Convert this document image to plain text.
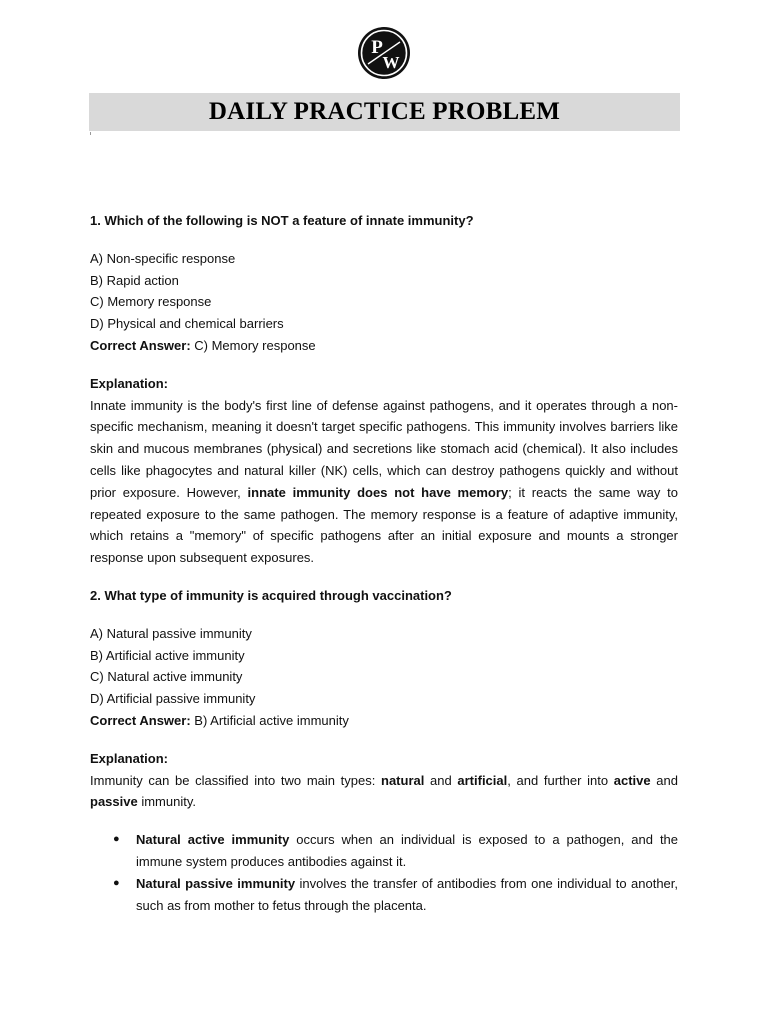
P
W
DAILY PRACTICE PROBLEM

1. Which of the following is NOT a feature of innate immunity?

A) Non-specific response

B) Rapid action

C) Memory response

D) Physical and chemical barriers

Correct Answer: C) Memory response

Explanation:

Innate immunity is the body's first line of defense against pathogens, and it operates through a non-specific mechanism, meaning it doesn't target specific pathogens. This immunity involves barriers like skin and mucous membranes (physical) and secretions like stomach acid (chemical). It also includes cells like phagocytes and natural killer (NK) cells, which can destroy pathogens quickly and without prior exposure. However, innate immunity does not have memory; it reacts the same way to repeated exposure to the same pathogen. The memory response is a feature of adaptive immunity, which retains a "memory" of specific pathogens after an initial exposure and mounts a stronger response upon subsequent exposures.

2. What type of immunity is acquired through vaccination?

A) Natural passive immunity

B) Artificial active immunity

C) Natural active immunity

D) Artificial passive immunity

Correct Answer: B) Artificial active immunity

Explanation:

Immunity can be classified into two main types: natural and artificial, and further into active and passive immunity.

● Natural active immunity occurs when an individual is exposed to a pathogen, and the immune system produces antibodies against it.
● Natural passive immunity involves the transfer of antibodies from one individual to another, such as from mother to fetus through the placenta.
